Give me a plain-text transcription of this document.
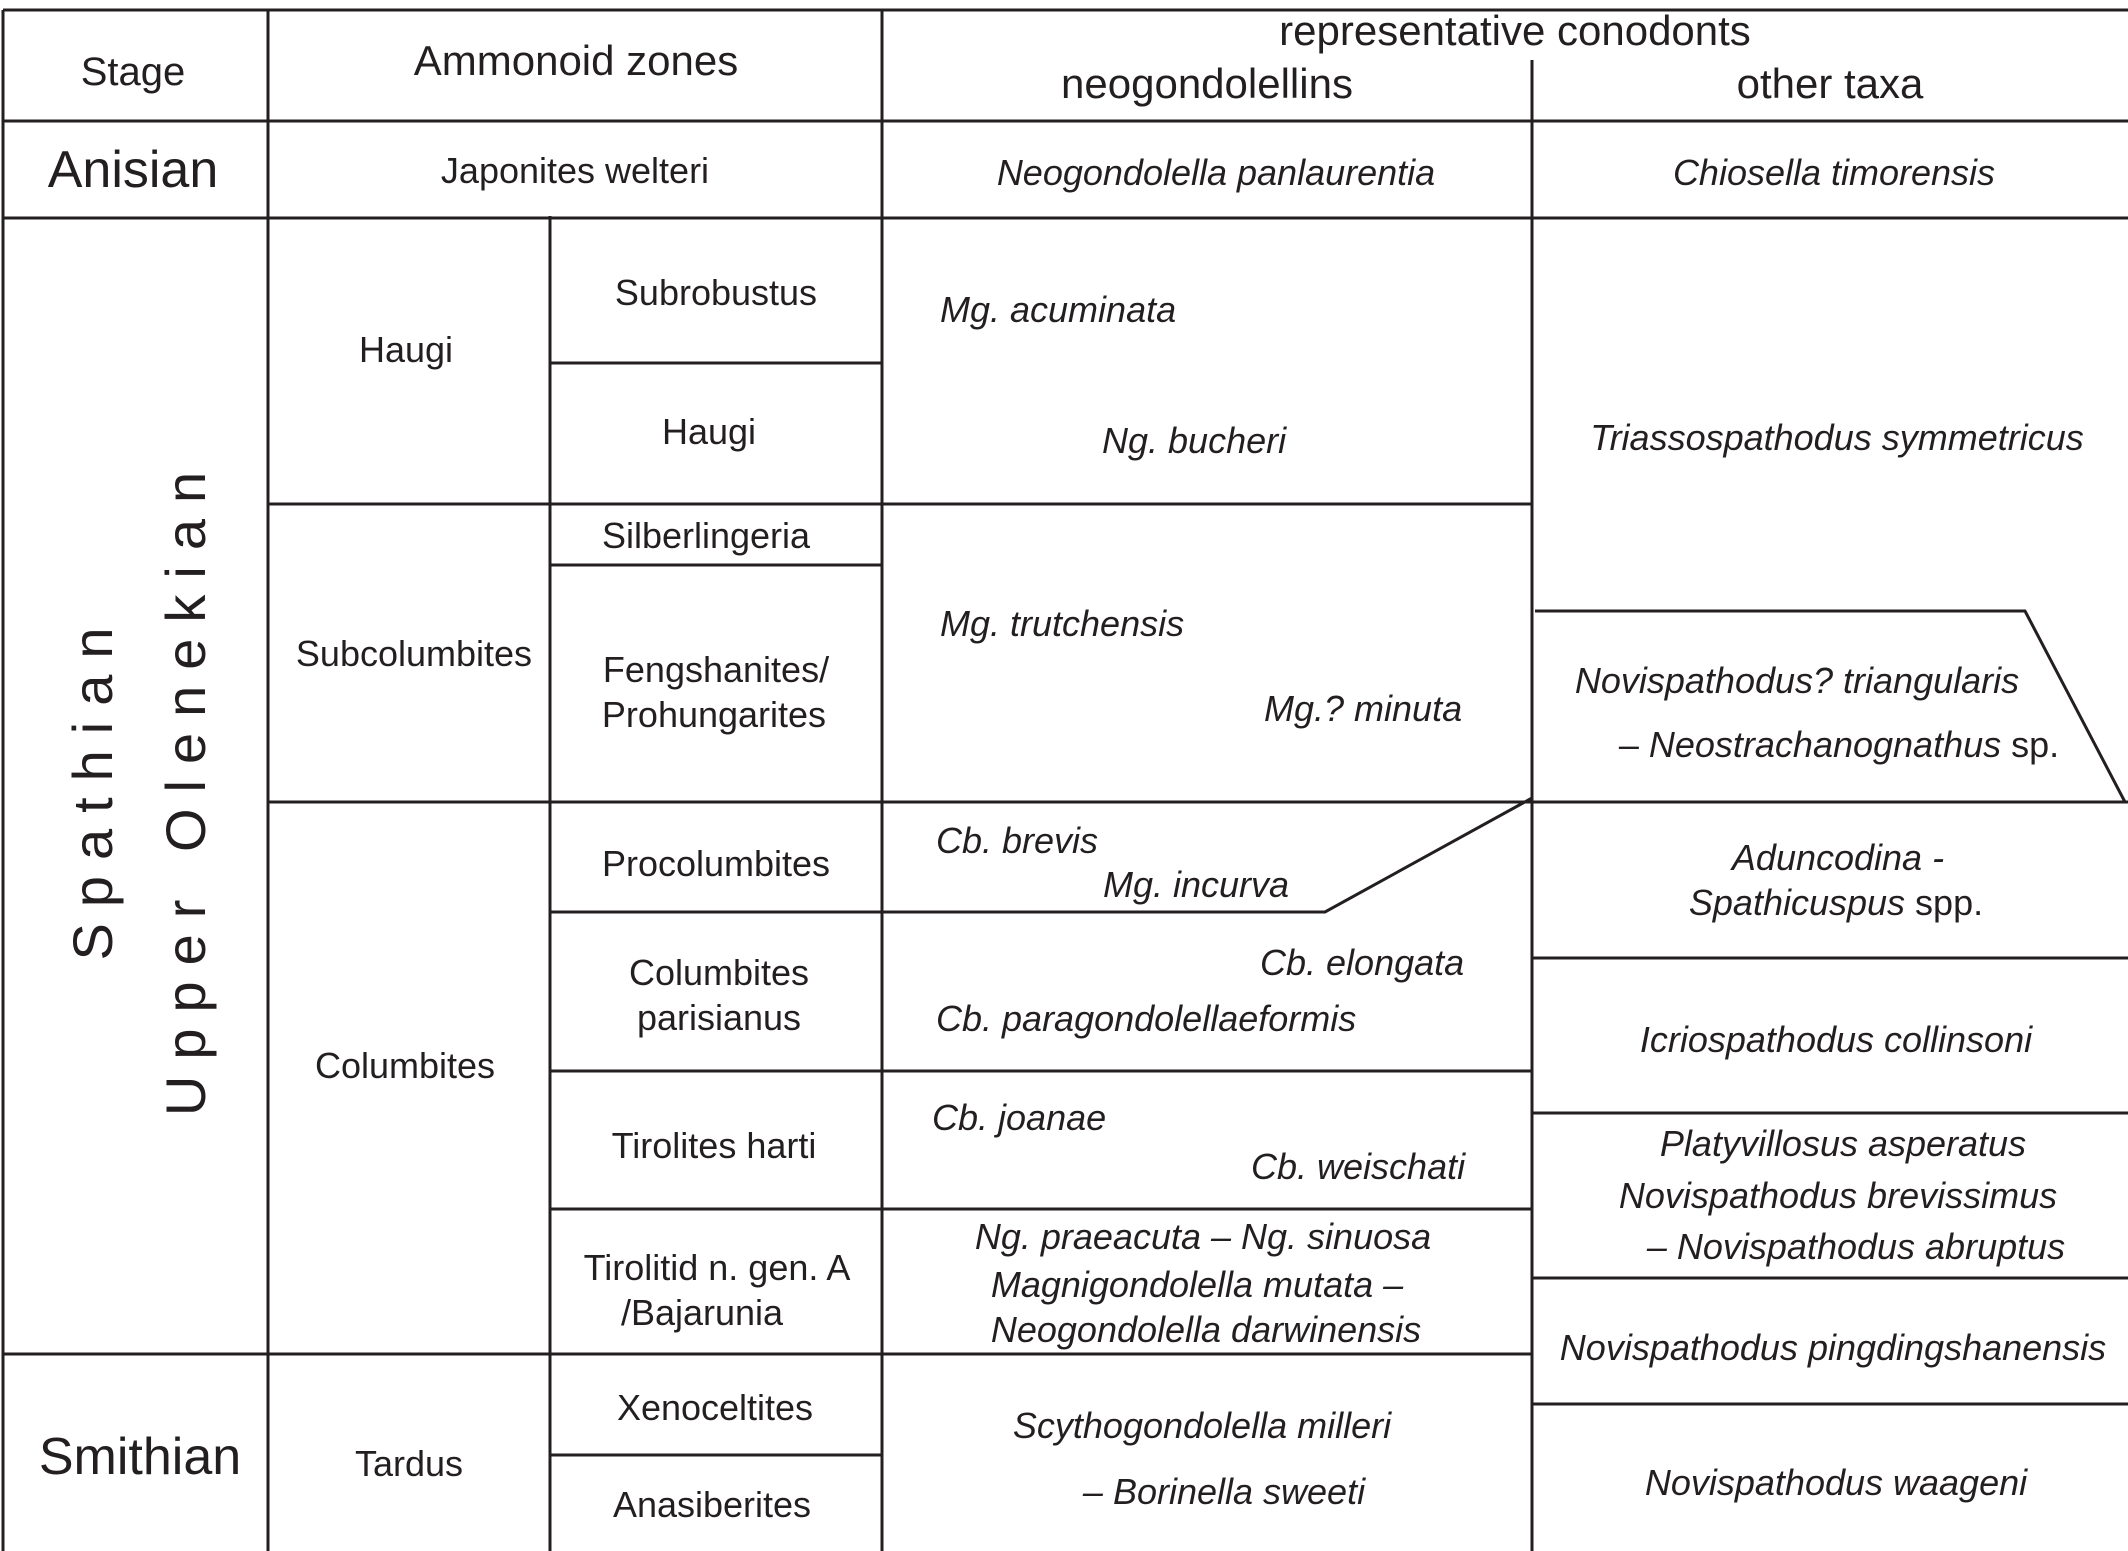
Stage	Ammonoid zones
representative conodonts
neogondolellins	other taxa
Anisian
Spathian Upper Olenekian
Smithian
Japonites welteri
Haugi
Subcolumbites
Columbites
Tardus
Subrobustus
Haugi
Silberlingeria
Fengshanites/
Prohungarites
Procolumbites
Columbites
parisianus
Tirolites harti
Tirolitid n. gen. A
/Bajarunia
Xenoceltites
Anasiberites
Neogondolella panlaurentia
Mg. acuminata
Ng. bucheri
Mg. trutchensis
Mg.? minuta
Cb. brevis
Mg. incurva
Cb. elongata
Cb. paragondolellaeformis
Cb. joanae
Cb. weischati
Ng. praeacuta – Ng. sinuosa
Magnigondolella mutata –
Neogondolella darwinensis
Scythogondolella milleri
– Borinella sweeti
Chiosella timorensis
Triassospathodus symmetricus
Novispathodus? triangularis
– Neostrachanognathus sp.
Aduncodina -
Spathicuspus spp.
Icriospathodus collinsoni
Platyvillosus asperatus
Novispathodus brevissimus
– Novispathodus abruptus
Novispathodus pingdingshanensis
Novispathodus waageni
